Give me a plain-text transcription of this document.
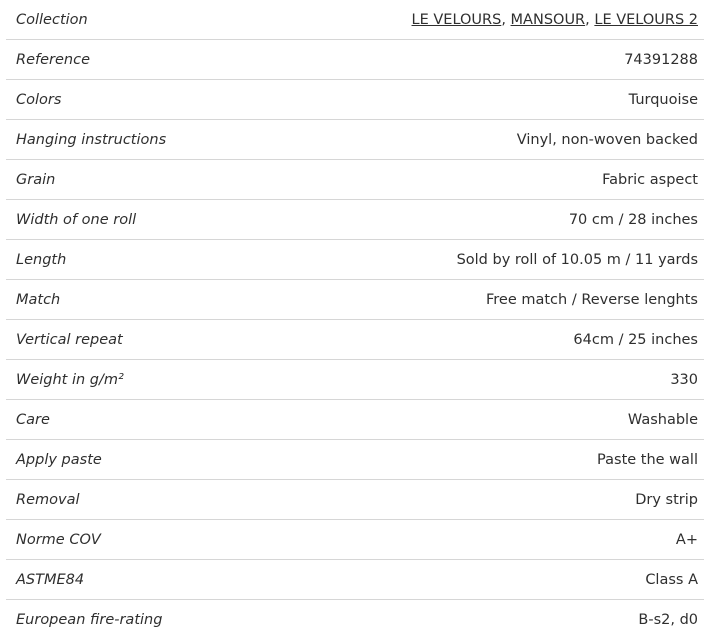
Collection	LE VELOURS, MANSOUR, LE VELOURS 2
Reference	74391288
Colors	Turquoise
Hanging instructions	Vinyl, non-woven backed
Grain	Fabric aspect
Width of one roll	70 cm / 28 inches
Length	Sold by roll of 10.05 m / 11 yards
Match	Free match / Reverse lenghts
Vertical repeat	64cm / 25 inches
Weight in g/m²	330
Care	Washable
Apply paste	Paste the wall
Removal	Dry strip
Norme COV	A+
ASTME84	Class A
European fire-rating	B-s2, d0
